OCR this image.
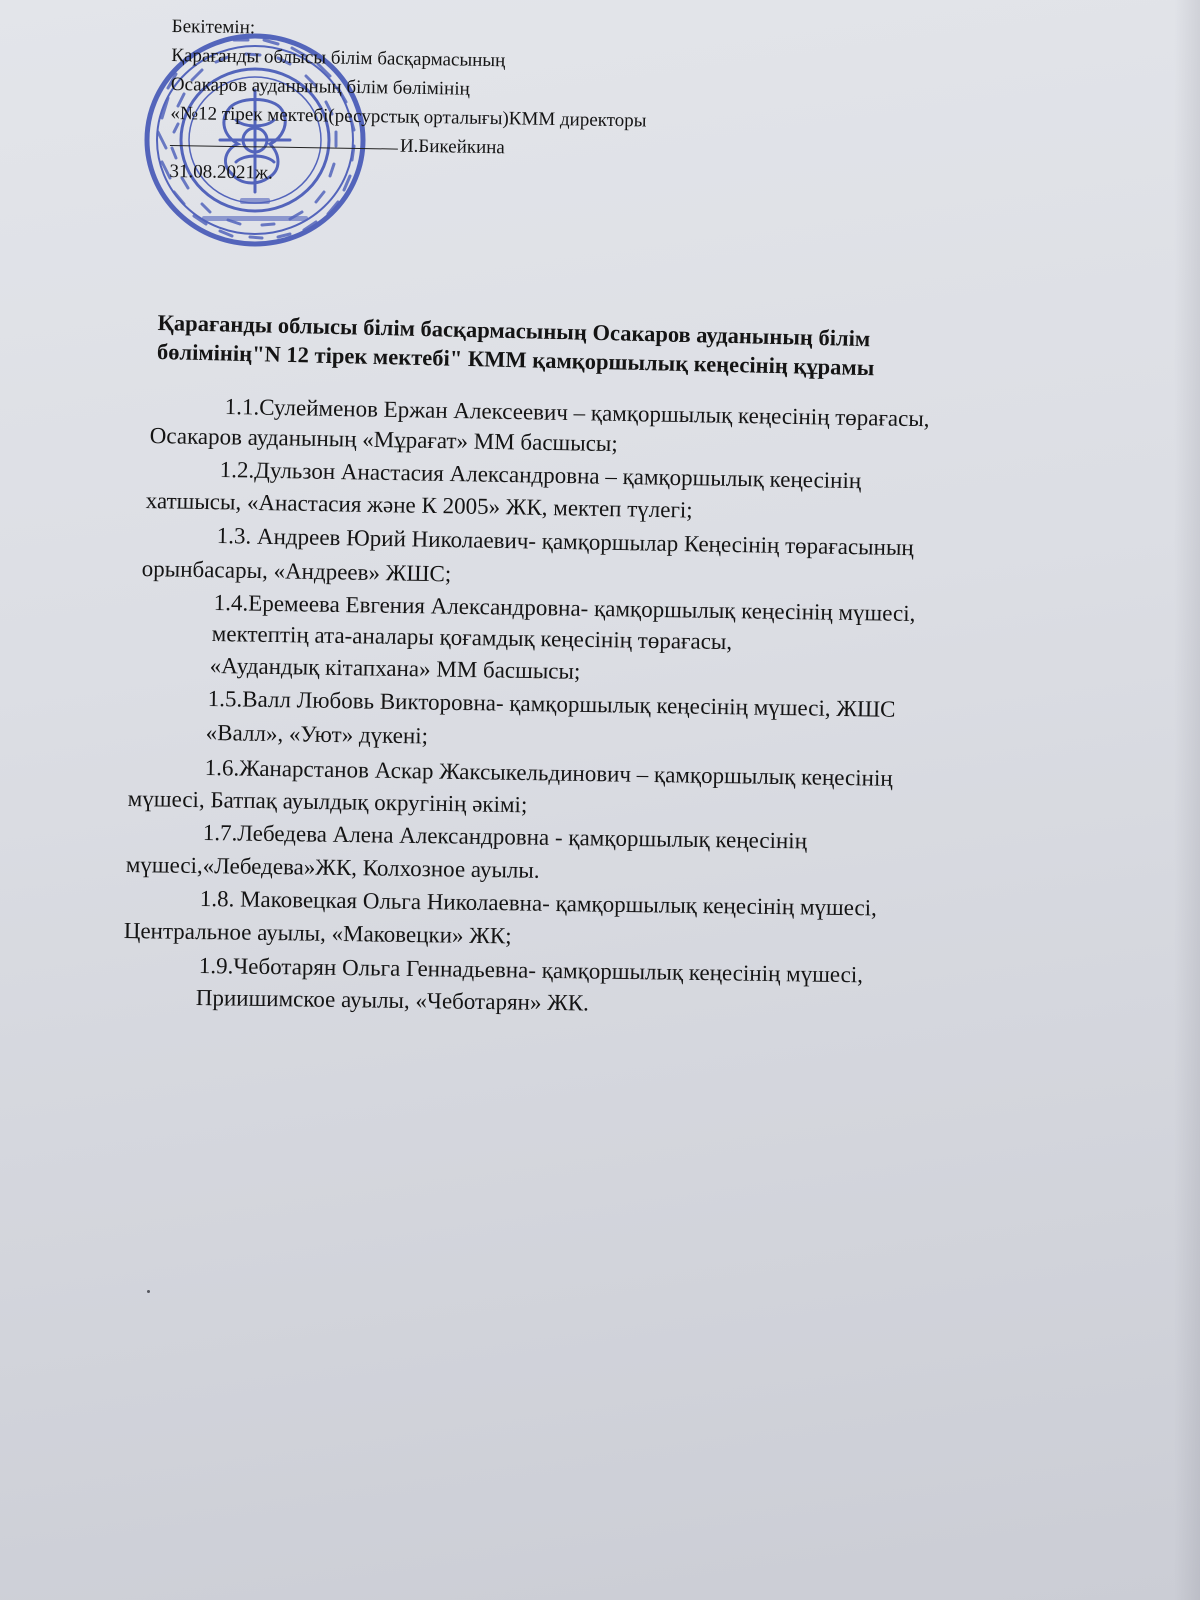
Бекітемін:
Қарағанды облысы білім басқармасының
Осакаров ауданының білім бөлімінің
«№12 тірек мектебі(ресурстық орталығы)КММ директоры
И.Бикейкина
31.08.2021ж.
Қарағанды облысы білім басқармасының Осакаров ауданының білім
бөлімінің"N 12 тірек мектебі" КММ қамқоршылық кеңесінің құрамы
1.1.Сулейменов Ержан Алексеевич – қамқоршылық кеңесінің төрағасы,
Осакаров ауданының «Мұрағат» ММ басшысы;
1.2.Дульзон Анастасия Александровна – қамқоршылық кеңесінің
хатшысы, «Анастасия және К 2005» ЖК, мектеп түлегі;
1.3. Андреев Юрий Николаевич- қамқоршылар Кеңесінің төрағасының
орынбасары, «Андреев» ЖШС;
1.4.Еремеева Евгения Александровна- қамқоршылық кеңесінің мүшесі,
мектептің ата-аналары қоғамдық кеңесінің төрағасы,
«Аудандық кітапхана» ММ басшысы;
1.5.Валл Любовь Викторовна- қамқоршылық кеңесінің мүшесі, ЖШС
«Валл», «Уют» дүкені;
1.6.Жанарстанов Аскар Жаксыкельдинович – қамқоршылық кеңесінің
мүшесі, Батпақ ауылдық округінің әкімі;
1.7.Лебедева Алена Александровна - қамқоршылық кеңесінің
мүшесі,«Лебедева»ЖК, Колхозное ауылы.
1.8. Маковецкая Ольга Николаевна- қамқоршылық кеңесінің мүшесі,
Центральное ауылы, «Маковецки» ЖК;
1.9.Чеботарян Ольга Геннадьевна- қамқоршылық кеңесінің мүшесі,
Приишимское ауылы, «Чеботарян» ЖК.
